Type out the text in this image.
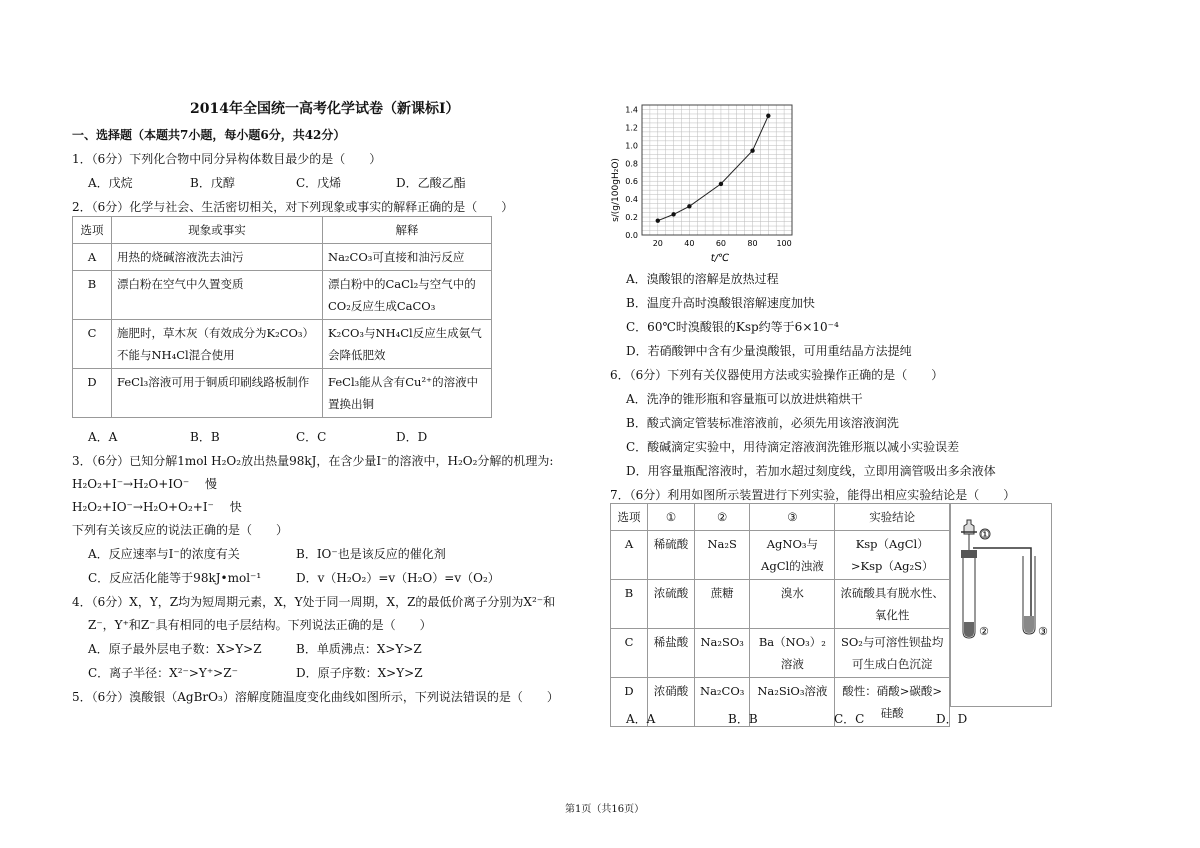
2014年全国统一高考化学试卷（新课标I）
一、选择题（本题共7小题，每小题6分，共42分）
1．（6分）下列化合物中同分异构体数目最少的是（　　）
A．戊烷	B．戊醇	C．戊烯	D．乙酸乙酯
2．（6分）化学与社会、生活密切相关，对下列现象或事实的解释正确的是（　　）
选项	现象或事实	解释
A	用热的烧碱溶液洗去油污	Na₂CO₃可直接和油污反应
B	漂白粉在空气中久置变质	漂白粉中的CaCl₂与空气中的CO₂反应生成CaCO₃
C	施肥时，草木灰（有效成分为K₂CO₃）不能与NH₄Cl混合使用	K₂CO₃与NH₄Cl反应生成氨气会降低肥效
D	FeCl₃溶液可用于铜质印刷线路板制作	FeCl₃能从含有Cu²⁺的溶液中置换出铜
A．A	B．B	C．C	D．D
3．（6分）已知分解1mol H₂O₂放出热量98kJ，在含少量I⁻的溶液中，H₂O₂分解的机理为:
H₂O₂+I⁻→H₂O+IO⁻　 慢
H₂O₂+IO⁻→H₂O+O₂+I⁻　 快
下列有关该反应的说法正确的是（　　）
A．反应速率与I⁻的浓度有关	B．IO⁻也是该反应的催化剂
C．反应活化能等于98kJ•mol⁻¹	D．v（H₂O₂）=v（H₂O）=v（O₂）
4．（6分）X，Y，Z均为短周期元素，X，Y处于同一周期，X，Z的最低价离子分别为X²⁻和
Z⁻，Y⁺和Z⁻具有相同的电子层结构。下列说法正确的是（　　）
A．原子最外层电子数：X>Y>Z	B．单质沸点：X>Y>Z
C．离子半径：X²⁻>Y⁺>Z⁻	D．原子序数：X>Y>Z
5．（6分）溴酸银（AgBrO₃）溶解度随温度变化曲线如图所示，下列说法错误的是（　　）
0.0
0.2
0.4
0.6
0.8
1.0
1.2
1.4
20	40	60	80 100
s/(g/100gH₂O)
t/℃
A．溴酸银的溶解是放热过程
B．温度升高时溴酸银溶解速度加快
C．60℃时溴酸银的Ksp约等于6×10⁻⁴
D．若硝酸钾中含有少量溴酸银，可用重结晶方法提纯
6．（6分）下列有关仪器使用方法或实验操作正确的是（　　）
A．洗净的锥形瓶和容量瓶可以放进烘箱烘干
B．酸式滴定管装标准溶液前，必须先用该溶液润洗
C．酸碱滴定实验中，用待滴定溶液润洗锥形瓶以减小实验误差
D．用容量瓶配溶液时，若加水超过刻度线，立即用滴管吸出多余液体
7．（6分）利用如图所示装置进行下列实验，能得出相应实验结论是（　　）
选项	①	②	③	实验结论
A	稀硫酸	Na₂S	AgNO₃与AgCl的浊液	Ksp（AgCl）>Ksp（Ag₂S）
B	浓硫酸	蔗糖	溴水	浓硫酸具有脱水性、氧化性
C	稀盐酸	Na₂SO₃	Ba（NO₃）₂溶液	SO₂与可溶性钡盐均可生成白色沉淀
D	浓硝酸	Na₂CO₃	Na₂SiO₃溶液	酸性：硝酸>碳酸>硅酸
①
②	③
A．A	B．B	C．C	D．D
第1页（共16页）
